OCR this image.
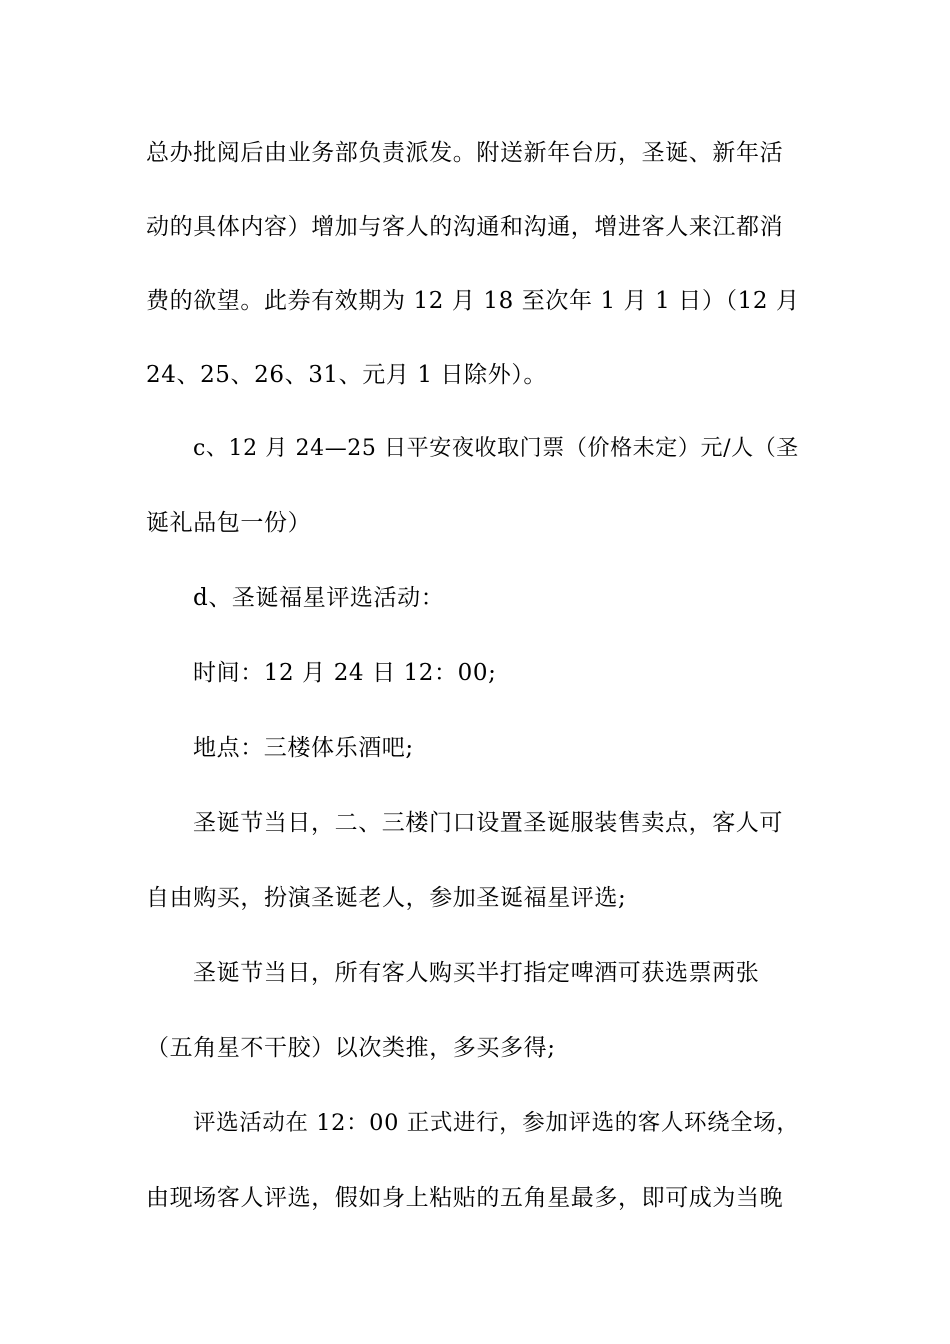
总办批阅后由业务部负责派发。附送新年台历，圣诞、新年活
动的具体内容）增加与客人的沟通和沟通，增进客人来江都消
费的欲望。此券有效期为 12 月 18 至次年 1 月 1 日）（12 月
24、25、26、31、元月 1 日除外）。
c、12 月 24—25 日平安夜收取门票（价格未定）元/人（圣
诞礼品包一份）
d、圣诞福星评选活动：
时间：12 月 24 日 12：00;
地点：三楼体乐酒吧;
圣诞节当日，二、三楼门口设置圣诞服装售卖点，客人可
自由购买，扮演圣诞老人，参加圣诞福星评选;
圣诞节当日，所有客人购买半打指定啤酒可获选票两张
（五角星不干胶）以次类推，多买多得;
评选活动在 12：00 正式进行，参加评选的客人环绕全场，
由现场客人评选，假如身上粘贴的五角星最多，即可成为当晚
